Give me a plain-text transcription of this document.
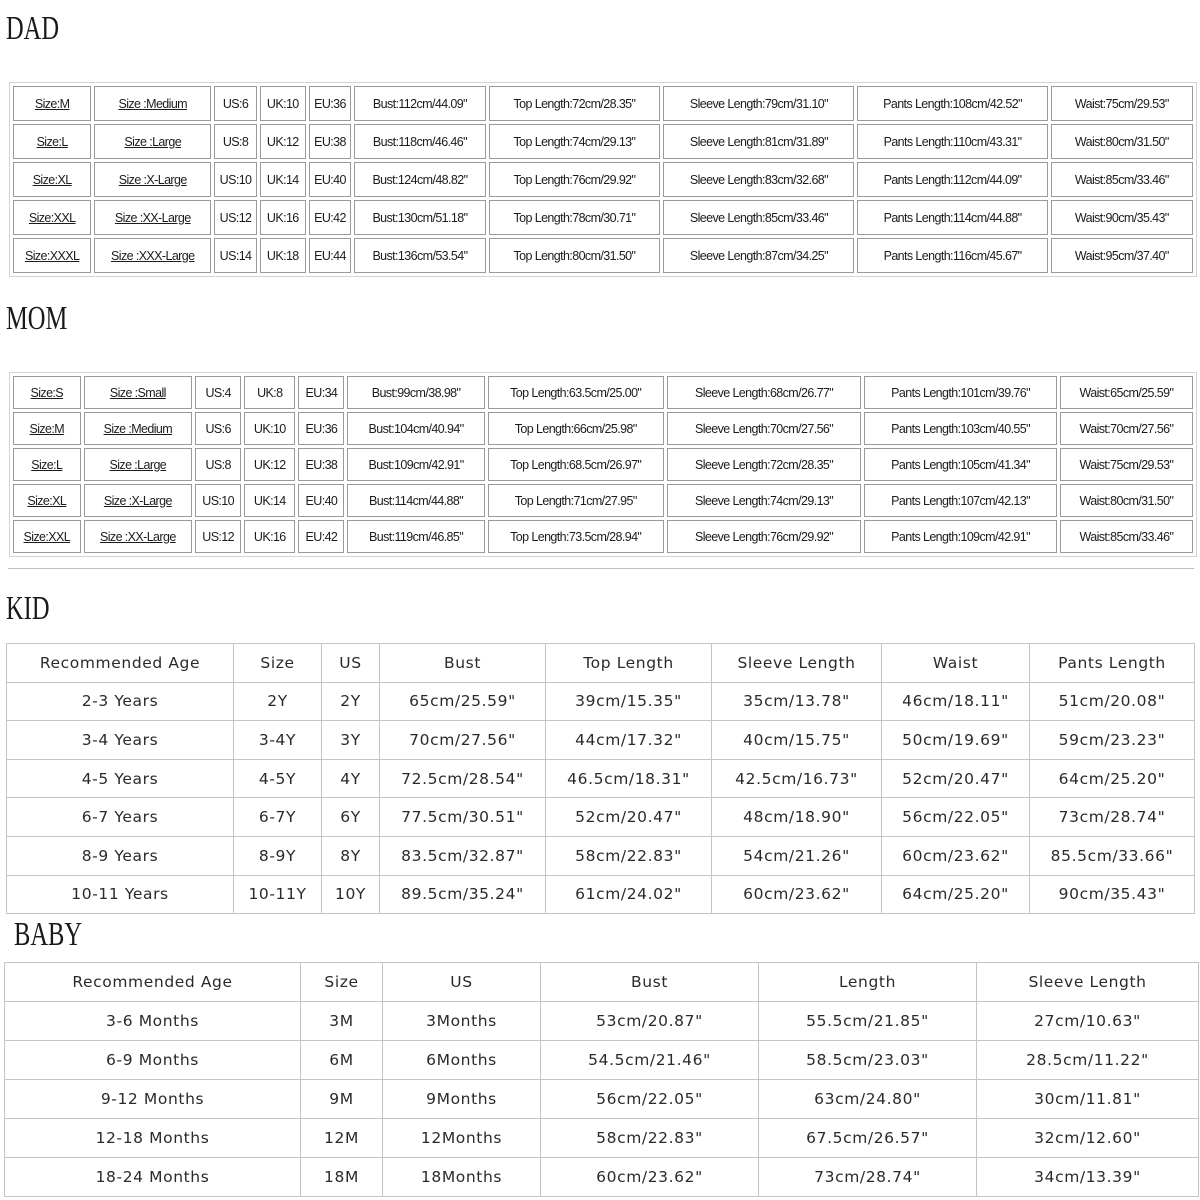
DAD
Size:M	Size :Medium	US:6	UK:10	EU:36	Bust:112cm/44.09"	Top Length:72cm/28.35"	Sleeve Length:79cm/31.10"	Pants Length:108cm/42.52"	Waist:75cm/29.53"
Size:L	Size :Large	US:8	UK:12	EU:38	Bust:118cm/46.46"	Top Length:74cm/29.13"	Sleeve Length:81cm/31.89"	Pants Length:110cm/43.31"	Waist:80cm/31.50"
Size:XL	Size :X-Large	US:10	UK:14	EU:40	Bust:124cm/48.82"	Top Length:76cm/29.92"	Sleeve Length:83cm/32.68"	Pants Length:112cm/44.09"	Waist:85cm/33.46"
Size:XXL	Size :XX-Large	US:12	UK:16	EU:42	Bust:130cm/51.18"	Top Length:78cm/30.71"	Sleeve Length:85cm/33.46"	Pants Length:114cm/44.88"	Waist:90cm/35.43"
Size:XXXL	Size :XXX-Large	US:14	UK:18	EU:44	Bust:136cm/53.54"	Top Length:80cm/31.50"	Sleeve Length:87cm/34.25"	Pants Length:116cm/45.67"	Waist:95cm/37.40"
MOM
Size:S	Size :Small	US:4	UK:8	EU:34	Bust:99cm/38.98"	Top Length:63.5cm/25.00"	Sleeve Length:68cm/26.77"	Pants Length:101cm/39.76"	Waist:65cm/25.59"
Size:M	Size :Medium	US:6	UK:10	EU:36	Bust:104cm/40.94"	Top Length:66cm/25.98"	Sleeve Length:70cm/27.56"	Pants Length:103cm/40.55"	Waist:70cm/27.56"
Size:L	Size :Large	US:8	UK:12	EU:38	Bust:109cm/42.91"	Top Length:68.5cm/26.97"	Sleeve Length:72cm/28.35"	Pants Length:105cm/41.34"	Waist:75cm/29.53"
Size:XL	Size :X-Large	US:10	UK:14	EU:40	Bust:114cm/44.88"	Top Length:71cm/27.95"	Sleeve Length:74cm/29.13"	Pants Length:107cm/42.13"	Waist:80cm/31.50"
Size:XXL	Size :XX-Large	US:12	UK:16	EU:42	Bust:119cm/46.85"	Top Length:73.5cm/28.94"	Sleeve Length:76cm/29.92"	Pants Length:109cm/42.91"	Waist:85cm/33.46"
KID
Recommended Age	Size	US	Bust	Top Length	Sleeve Length	Waist	Pants Length
2-3 Years	2Y	2Y	65cm/25.59"	39cm/15.35"	35cm/13.78"	46cm/18.11"	51cm/20.08"
3-4 Years	3-4Y	3Y	70cm/27.56"	44cm/17.32"	40cm/15.75"	50cm/19.69"	59cm/23.23"
4-5 Years	4-5Y	4Y	72.5cm/28.54"	46.5cm/18.31"	42.5cm/16.73"	52cm/20.47"	64cm/25.20"
6-7 Years	6-7Y	6Y	77.5cm/30.51"	52cm/20.47"	48cm/18.90"	56cm/22.05"	73cm/28.74"
8-9 Years	8-9Y	8Y	83.5cm/32.87"	58cm/22.83"	54cm/21.26"	60cm/23.62"	85.5cm/33.66"
10-11 Years	10-11Y	10Y	89.5cm/35.24"	61cm/24.02"	60cm/23.62"	64cm/25.20"	90cm/35.43"
BABY
Recommended Age	Size	US	Bust	Length	Sleeve Length
3-6 Months	3M	3Months	53cm/20.87"	55.5cm/21.85"	27cm/10.63"
6-9 Months	6M	6Months	54.5cm/21.46"	58.5cm/23.03"	28.5cm/11.22"
9-12 Months	9M	9Months	56cm/22.05"	63cm/24.80"	30cm/11.81"
12-18 Months	12M	12Months	58cm/22.83"	67.5cm/26.57"	32cm/12.60"
18-24 Months	18M	18Months	60cm/23.62"	73cm/28.74"	34cm/13.39"
